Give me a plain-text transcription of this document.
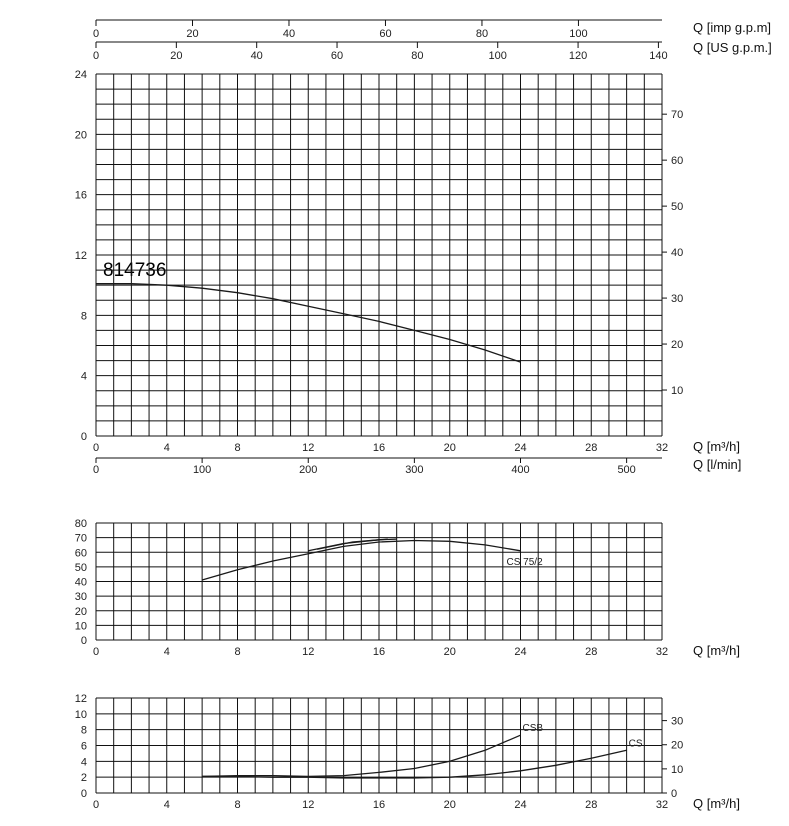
814736
0	4	8	12	16	20	24	28	32 Q [m³/h]
0
4
8
12
16
20
24
10
20
30
40
50
60
70
0	20	40	60	80	100	Q [imp g.p.m]
0	20	40	60	80	100	120	140
Q [US g.p.m.]
0	100	200	300	400	500	Q [l/min]
0	4	8	12	16	20	24	28	32 Q [m³/h]
0
10
20
30
40
50
60
70
80
CS 75/2
0	4	8	12	16	20	24	28	32 Q [m³/h]
0
2
4
6
8
10
12
0
10
20
30
CSB
CS
